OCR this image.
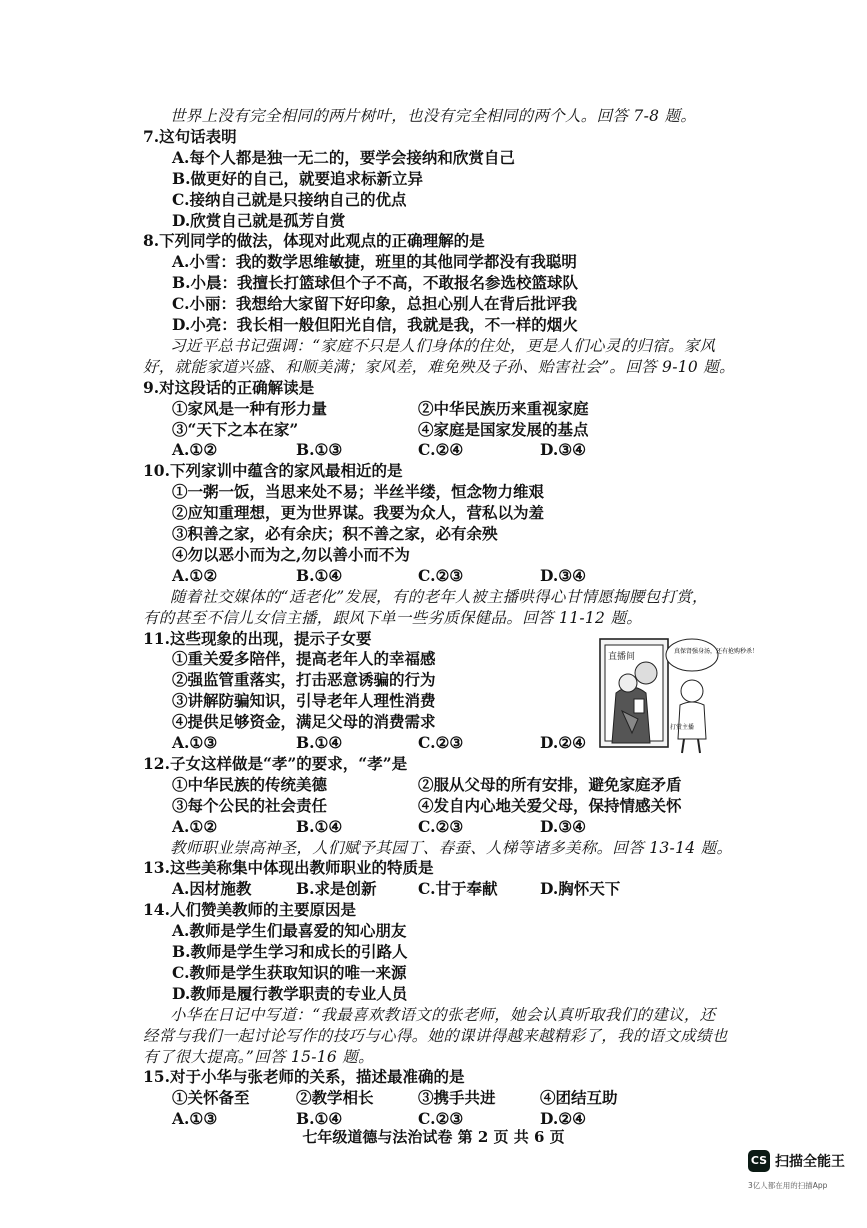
世界上没有完全相同的两片树叶，也没有完全相同的两个人。回答 7-8 题。
7.这句话表明
A.每个人都是独一无二的，要学会接纳和欣赏自己
B.做更好的自己，就要追求标新立异
C.接纳自己就是只接纳自己的优点
D.欣赏自己就是孤芳自赏
8.下列同学的做法，体现对此观点的正确理解的是
A.小雪：我的数学思维敏捷，班里的其他同学都没有我聪明
B.小晨：我擅长打篮球但个子不高，不敢报名参选校篮球队
C.小丽：我想给大家留下好印象，总担心别人在背后批评我
D.小亮：我长相一般但阳光自信，我就是我，不一样的烟火
习近平总书记强调：“家庭不只是人们身体的住处，更是人们心灵的归宿。家风
好，就能家道兴盛、和顺美满；家风差，难免殃及子孙、贻害社会”。回答 9-10 题。
9.对这段话的正确解读是
①家风是一种有形力量	②中华民族历来重视家庭
③“天下之本在家”	④家庭是国家发展的基点
A.①②	B.①③	C.②④	D.③④
10.下列家训中蕴含的家风最相近的是
①一粥一饭，当思来处不易；半丝半缕，恒念物力维艰
②应知重理想，更为世界谋。我要为众人，营私以为羞
③积善之家，必有余庆；积不善之家，必有余殃
④勿以恶小而为之,勿以善小而不为
A.①②	B.①④	C.②③	D.③④
随着社交媒体的“适老化”发展，有的老年人被主播哄得心甘情愿掏腰包打赏，
有的甚至不信儿女信主播，跟风下单一些劣质保健品。回答 11-12 题。
11.这些现象的出现，提示子女要
①重关爱多陪伴，提高老年人的幸福感
②强监管重落实，打击恶意诱骗的行为
③讲解防骗知识，引导老年人理性消费
④提供足够资金，满足父母的消费需求
A.①③	B.①④	C.②③	D.②④
12.子女这样做是“孝”的要求，“孝”是
①中华民族的传统美德	②服从父母的所有安排，避免家庭矛盾
③每个公民的社会责任	④发自内心地关爱父母，保持情感关怀
A.①②	B.①④	C.②③	D.③④
教师职业崇高神圣，人们赋予其园丁、春蚕、人梯等诸多美称。回答 13-14 题。
13.这些美称集中体现出教师职业的特质是
A.因材施教	B.求是创新	C.甘于奉献	D.胸怀天下
14.人们赞美教师的主要原因是
A.教师是学生们最喜爱的知心朋友
B.教师是学生学习和成长的引路人
C.教师是学生获取知识的唯一来源
D.教师是履行教学职责的专业人员
小华在日记中写道：“我最喜欢教语文的张老师，她会认真听取我们的建议，还
经常与我们一起讨论写作的技巧与心得。她的课讲得越来越精彩了，我的语文成绩也
有了很大提高。”回答 15-16 题。
15.对于小华与张老师的关系，描述最准确的是
①关怀备至	②教学相长	③携手共进	④团结互助
A.①③	B.①④	C.②③	D.②④
直播间
真保肾强身汤，还有抢购秒杀！
打赏主播
七年级道德与法治试卷 第 2 页 共 6 页
CS 扫描全能王
3亿人都在用的扫描App
